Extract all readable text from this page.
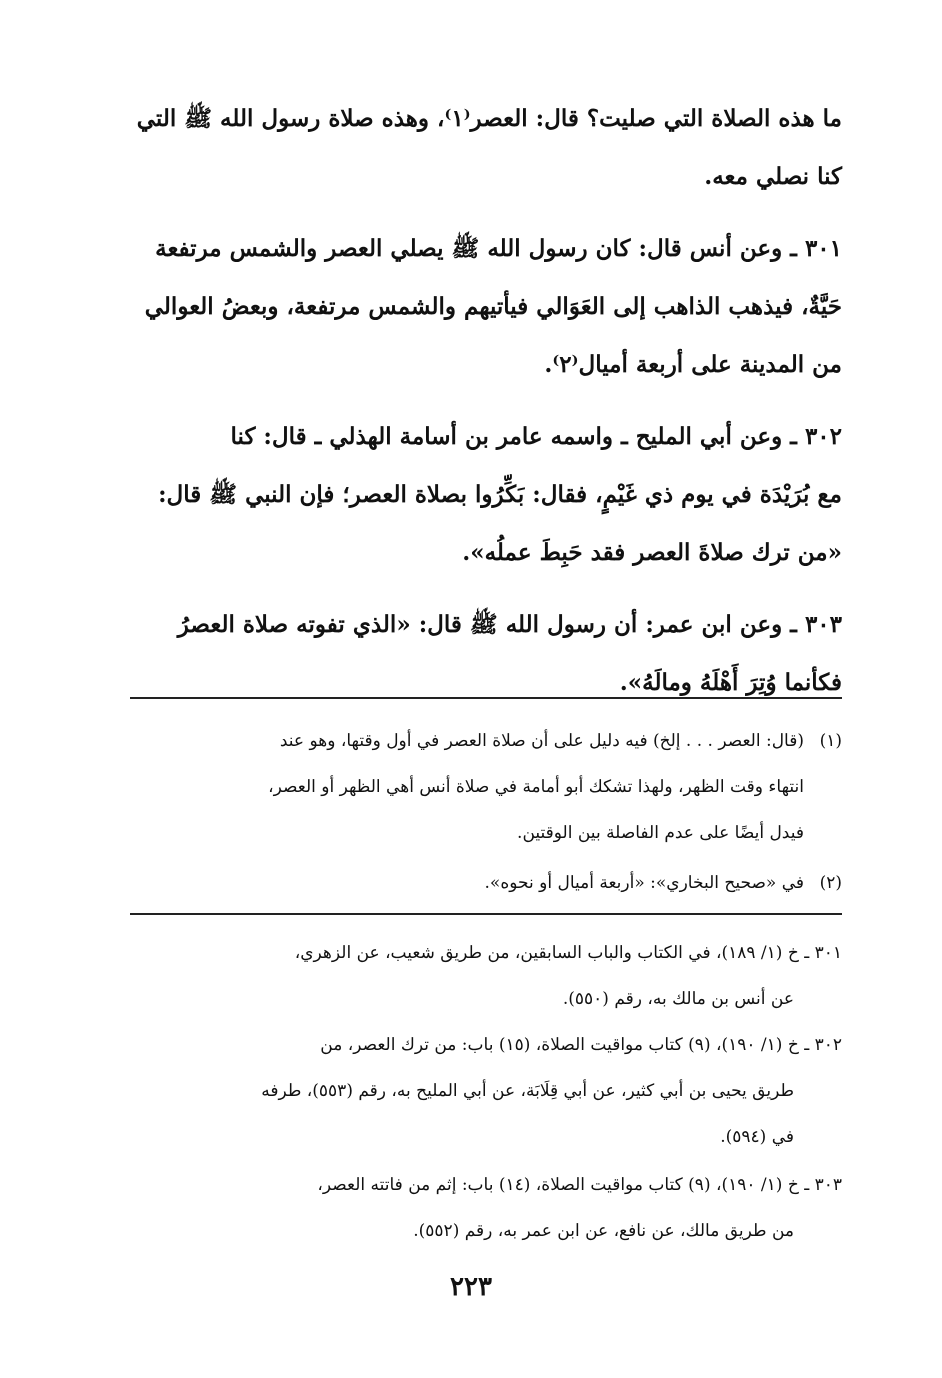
ما هذه الصلاة التي صليت؟ قال: العصر⁽١⁾، وهذه صلاة رسول الله ﷺ التي
كنا نصلي معه.

٣٠١ ـ وعن أنس قال: كان رسول الله ﷺ يصلي العصر والشمس مرتفعة
حَيَّةٌ، فيذهب الذاهب إلى العَوَالي فيأتيهم والشمس مرتفعة، وبعضُ العوالي
من المدينة على أربعة أميال⁽٢⁾.

٣٠٢ ـ وعن أبي المليح ـ واسمه عامر بن أسامة الهذلي ـ قال: كنا
مع بُرَيْدَة في يوم ذي غَيْمٍ، فقال: بَكِّرُوا بصلاة العصر؛ فإن النبي ﷺ قال:
«من ترك صلاةَ العصر فقد حَبِطَ عملُه».

٣٠٣ ـ وعن ابن عمر: أن رسول الله ﷺ قال: «الذي تفوته صلاة العصرُ
فكأنما وُتِرَ أَهْلَهُ ومالَهُ».

(١)(قال: العصر . . . إلخ) فيه دليل على أن صلاة العصر في أول وقتها، وهو عند

انتهاء وقت الظهر، ولهذا تشكك أبو أمامة في صلاة أنس أهي الظهر أو العصر،

فيدل أيضًا على عدم الفاصلة بين الوقتين.

(٢)في «صحيح البخاري»: «أربعة أميال أو نحوه».

٣٠١ ـ خ (١/ ١٨٩)، في الكتاب والباب السابقين، من طريق شعيب، عن الزهري،

عن أنس بن مالك به، رقم (٥٥٠).

٣٠٢ ـ خ (١/ ١٩٠)، (٩) كتاب مواقيت الصلاة، (١٥) باب: من ترك العصر، من

طريق يحيى بن أبي كثير، عن أبي قِلَابَة، عن أبي المليح به، رقم (٥٥٣)، طرفه

في (٥٩٤).

٣٠٣ ـ خ (١/ ١٩٠)، (٩) كتاب مواقيت الصلاة، (١٤) باب: إثم من فاتته العصر،

من طريق مالك، عن نافع، عن ابن عمر به، رقم (٥٥٢).

٢٢٣
